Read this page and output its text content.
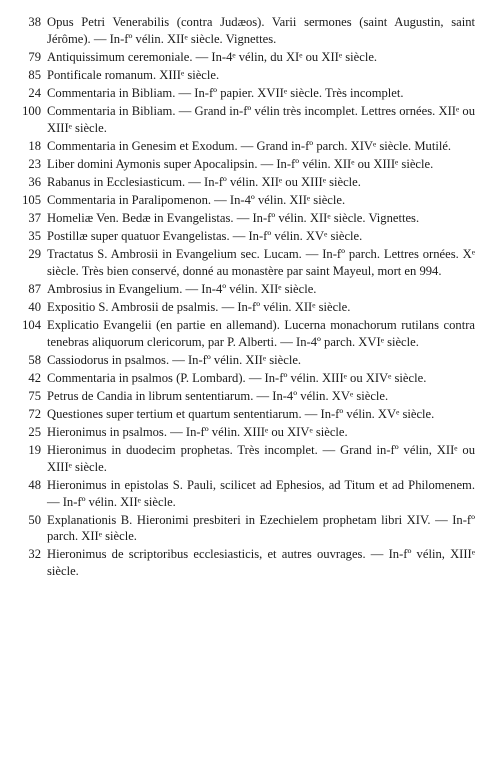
38 Opus Petri Venerabilis (contra Judæos). Varii sermones (saint Augustin, saint Jérôme). — In-fº vélin. XIIᵉ siècle. Vignettes.
79 Antiquissimum ceremoniale. — In-4ᵉ vélin, du XIᵉ ou XIIᵉ siècle.
85 Pontificale romanum. XIIIᵉ siècle.
24 Commentaria in Bibliam. — In-fº papier. XVIIᵉ siècle. Très incomplet.
100 Commentaria in Bibliam. — Grand in-fº vélin très incomplet. Lettres ornées. XIIᵉ ou XIIIᵉ siècle.
18 Commentaria in Genesim et Exodum. — Grand in-fº parch. XIVᵉ siècle. Mutilé.
23 Liber domini Aymonis super Apocalipsin. — In-fº vélin. XIIᵉ ou XIIIᵉ siècle.
36 Rabanus in Ecclesiasticum. — In-fº vélin. XIIᵉ ou XIIIᵉ siècle.
105 Commentaria in Paralipomenon. — In-4º vélin. XIIᵉ siècle.
37 Homeliæ Ven. Bedæ in Evangelistas. — In-fº vélin. XIIᵉ siècle. Vignettes.
35 Postillæ super quatuor Evangelistas. — In-fº vélin. XVᵉ siècle.
29 Tractatus S. Ambrosii in Evangelium sec. Lucam. — In-fº parch. Lettres ornées. Xᵉ siècle. Très bien conservé, donné au monastère par saint Mayeul, mort en 994.
87 Ambrosius in Evangelium. — In-4º vélin. XIIᵉ siècle.
40 Expositio S. Ambrosii de psalmis. — In-fº vélin. XIIᵉ siècle.
104 Explicatio Evangelii (en partie en allemand). Lucerna monachorum rutilans contra tenebras aliquorum clericorum, par P. Alberti. — In-4º parch. XVIᵉ siècle.
58 Cassiodorus in psalmos. — In-fº vélin. XIIᵉ siècle.
42 Commentaria in psalmos (P. Lombard). — In-fº vélin. XIIIᵉ ou XIVᵉ siècle.
75 Petrus de Candia in librum sententiarum. — In-4º vélin. XVᵉ siècle.
72 Questiones super tertium et quartum sententiarum. — In-fº vélin. XVᵉ siècle.
25 Hieronimus in psalmos. — In-fº vélin. XIIIᵉ ou XIVᵉ siècle.
19 Hieronimus in duodecim prophetas. Très incomplet. — Grand in-fº vélin, XIIᵉ ou XIIIᵉ siècle.
48 Hieronimus in epistolas S. Pauli, scilicet ad Ephesios, ad Titum et ad Philomenem. — In-fº vélin. XIIᵉ siècle.
50 Explanationis B. Hieronimi presbiteri in Ezechielem prophetam libri XIV. — In-fº parch. XIIᵉ siècle.
32 Hieronimus de scriptoribus ecclesiasticis, et autres ouvrages. — In-fº vélin, XIIIᵉ siècle.
